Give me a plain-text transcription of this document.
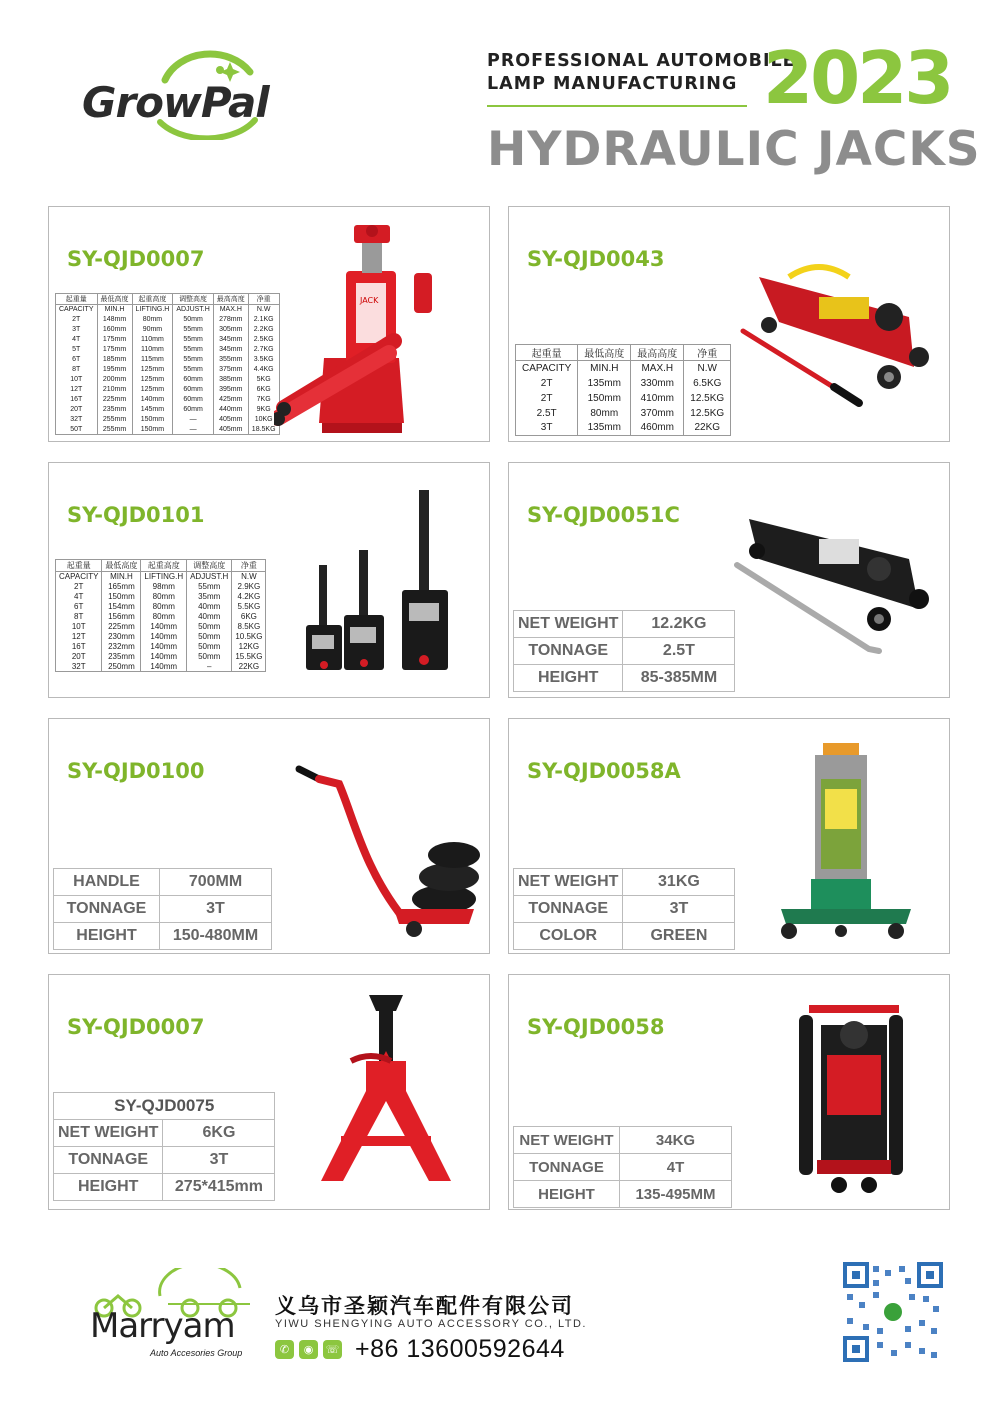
GrowPal
PROFESSIONAL AUTOMOBILE
LAMP MANUFACTURING 2023
HYDRAULIC JACKS
SY-QJD0007
起重量	最低高度	起重高度	调整高度	最高高度	净重
CAPACITY	MIN.H	LIFTING.H	ADJUST.H	MAX.H	N.W
2T	148mm	80mm	50mm	278mm	2.1KG
3T	160mm	90mm	55mm	305mm	2.2KG
4T	175mm	110mm	55mm	345mm	2.5KG
5T	175mm	110mm	55mm	345mm	2.7KG
6T	185mm	115mm	55mm	355mm	3.5KG
8T	195mm	125mm	55mm	375mm	4.4KG
10T	200mm	125mm	60mm	385mm	5KG
12T	210mm	125mm	60mm	395mm	6KG
16T	225mm	140mm	60mm	425mm	7KG
20T	235mm	145mm	60mm	440mm	9KG
32T	255mm	150mm	—	405mm	10KG
50T	255mm	150mm	—	405mm	18.5KG
JACK
SY-QJD0043
起重量	最低高度	最高高度	净重
CAPACITY	MIN.H	MAX.H	N.W
2T	135mm	330mm	6.5KG
2T	150mm	410mm	12.5KG
2.5T	80mm	370mm	12.5KG
3T	135mm	460mm	22KG
SY-QJD0101
起重量	最低高度	起重高度	调整高度	净重
CAPACITY	MIN.H	LIFTING.H	ADJUST.H	N.W
2T	165mm	98mm	55mm	2.9KG
4T	150mm	80mm	35mm	4.2KG
6T	154mm	80mm	40mm	5.5KG
8T	156mm	80mm	40mm	6KG
10T	225mm	140mm	50mm	8.5KG
12T	230mm	140mm	50mm	10.5KG
16T	232mm	140mm	50mm	12KG
20T	235mm	140mm	50mm	15.5KG
32T	250mm	140mm	–	22KG
SY-QJD0051C
NET WEIGHT	12.2KG
TONNAGE	2.5T
HEIGHT	85-385MM
SY-QJD0100
HANDLE	700MM
TONNAGE	3T
HEIGHT	150-480MM
SY-QJD0058A
NET WEIGHT	31KG
TONNAGE	3T
COLOR	GREEN
SY-QJD0007
SY-QJD0075	
NET WEIGHT	6KG
TONNAGE	3T
HEIGHT	275*415mm
SY-QJD0058
NET WEIGHT	34KG
TONNAGE	4T
HEIGHT	135-495MM
Marryam
Auto Accesories Group
义乌市圣颖汽车配件有限公司
YIWU SHENGYING AUTO ACCESSORY CO., LTD.
✆	◉	☏ +86 13600592644
